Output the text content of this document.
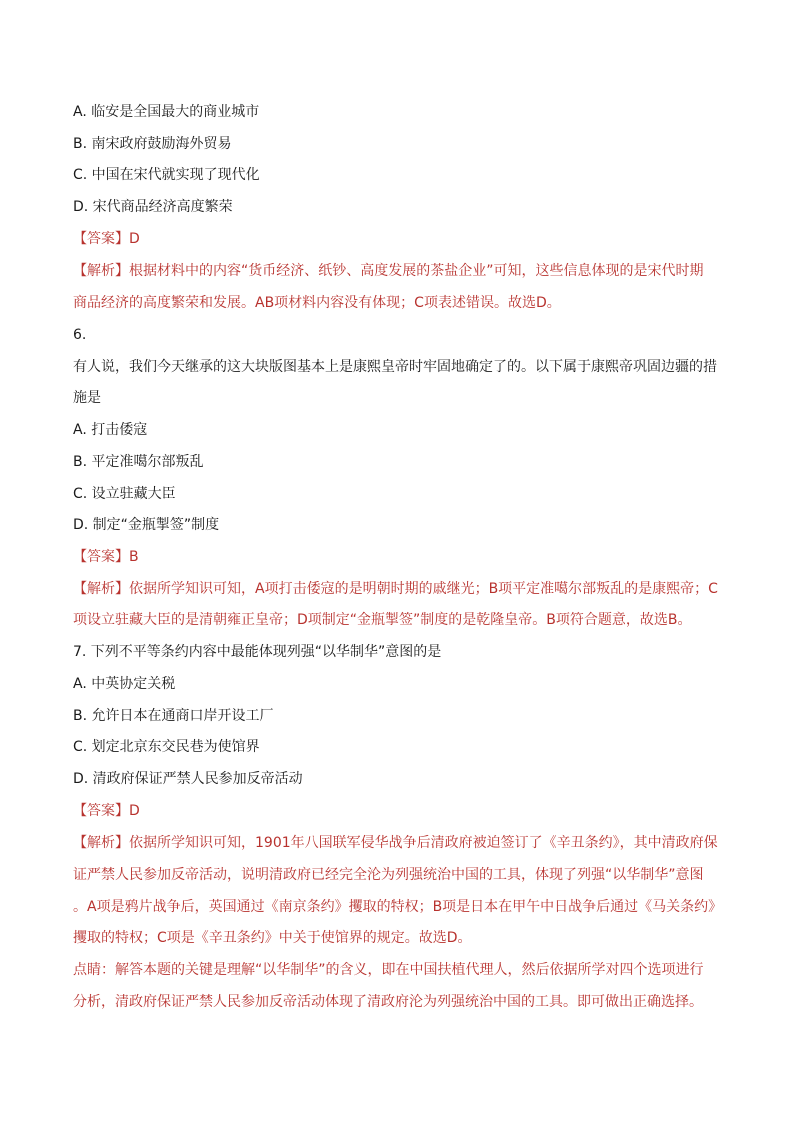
A. 临安是全国最大的商业城市
B. 南宋政府鼓励海外贸易
C. 中国在宋代就实现了现代化
D. 宋代商品经济高度繁荣
【答案】D
【解析】根据材料中的内容“货币经济、纸钞、高度发展的茶盐企业”可知，这些信息体现的是宋代时期
商品经济的高度繁荣和发展。AB项材料内容没有体现；C项表述错误。故选D。
6.
有人说，我们今天继承的这大块版图基本上是康熙皇帝时牢固地确定了的。以下属于康熙帝巩固边疆的措
施是
A. 打击倭寇
B. 平定准噶尔部叛乱
C. 设立驻藏大臣
D. 制定“金瓶掣签”制度
【答案】B
【解析】依据所学知识可知，A项打击倭寇的是明朝时期的戚继光；B项平定准噶尔部叛乱的是康熙帝；C
项设立驻藏大臣的是清朝雍正皇帝；D项制定“金瓶掣签”制度的是乾隆皇帝。B项符合题意，故选B。
7. 下列不平等条约内容中最能体现列强“以华制华”意图的是
A. 中英协定关税
B. 允许日本在通商口岸开设工厂
C. 划定北京东交民巷为使馆界
D. 清政府保证严禁人民参加反帝活动
【答案】D
【解析】依据所学知识可知，1901年八国联军侵华战争后清政府被迫签订了《辛丑条约》，其中清政府保
证严禁人民参加反帝活动，说明清政府已经完全沦为列强统治中国的工具，体现了列强“以华制华”意图
。A项是鸦片战争后，英国通过《南京条约》攫取的特权；B项是日本在甲午中日战争后通过《马关条约》
攫取的特权；C项是《辛丑条约》中关于使馆界的规定。故选D。
点睛：解答本题的关键是理解“以华制华”的含义，即在中国扶植代理人，然后依据所学对四个选项进行
分析，清政府保证严禁人民参加反帝活动体现了清政府沦为列强统治中国的工具。即可做出正确选择。
